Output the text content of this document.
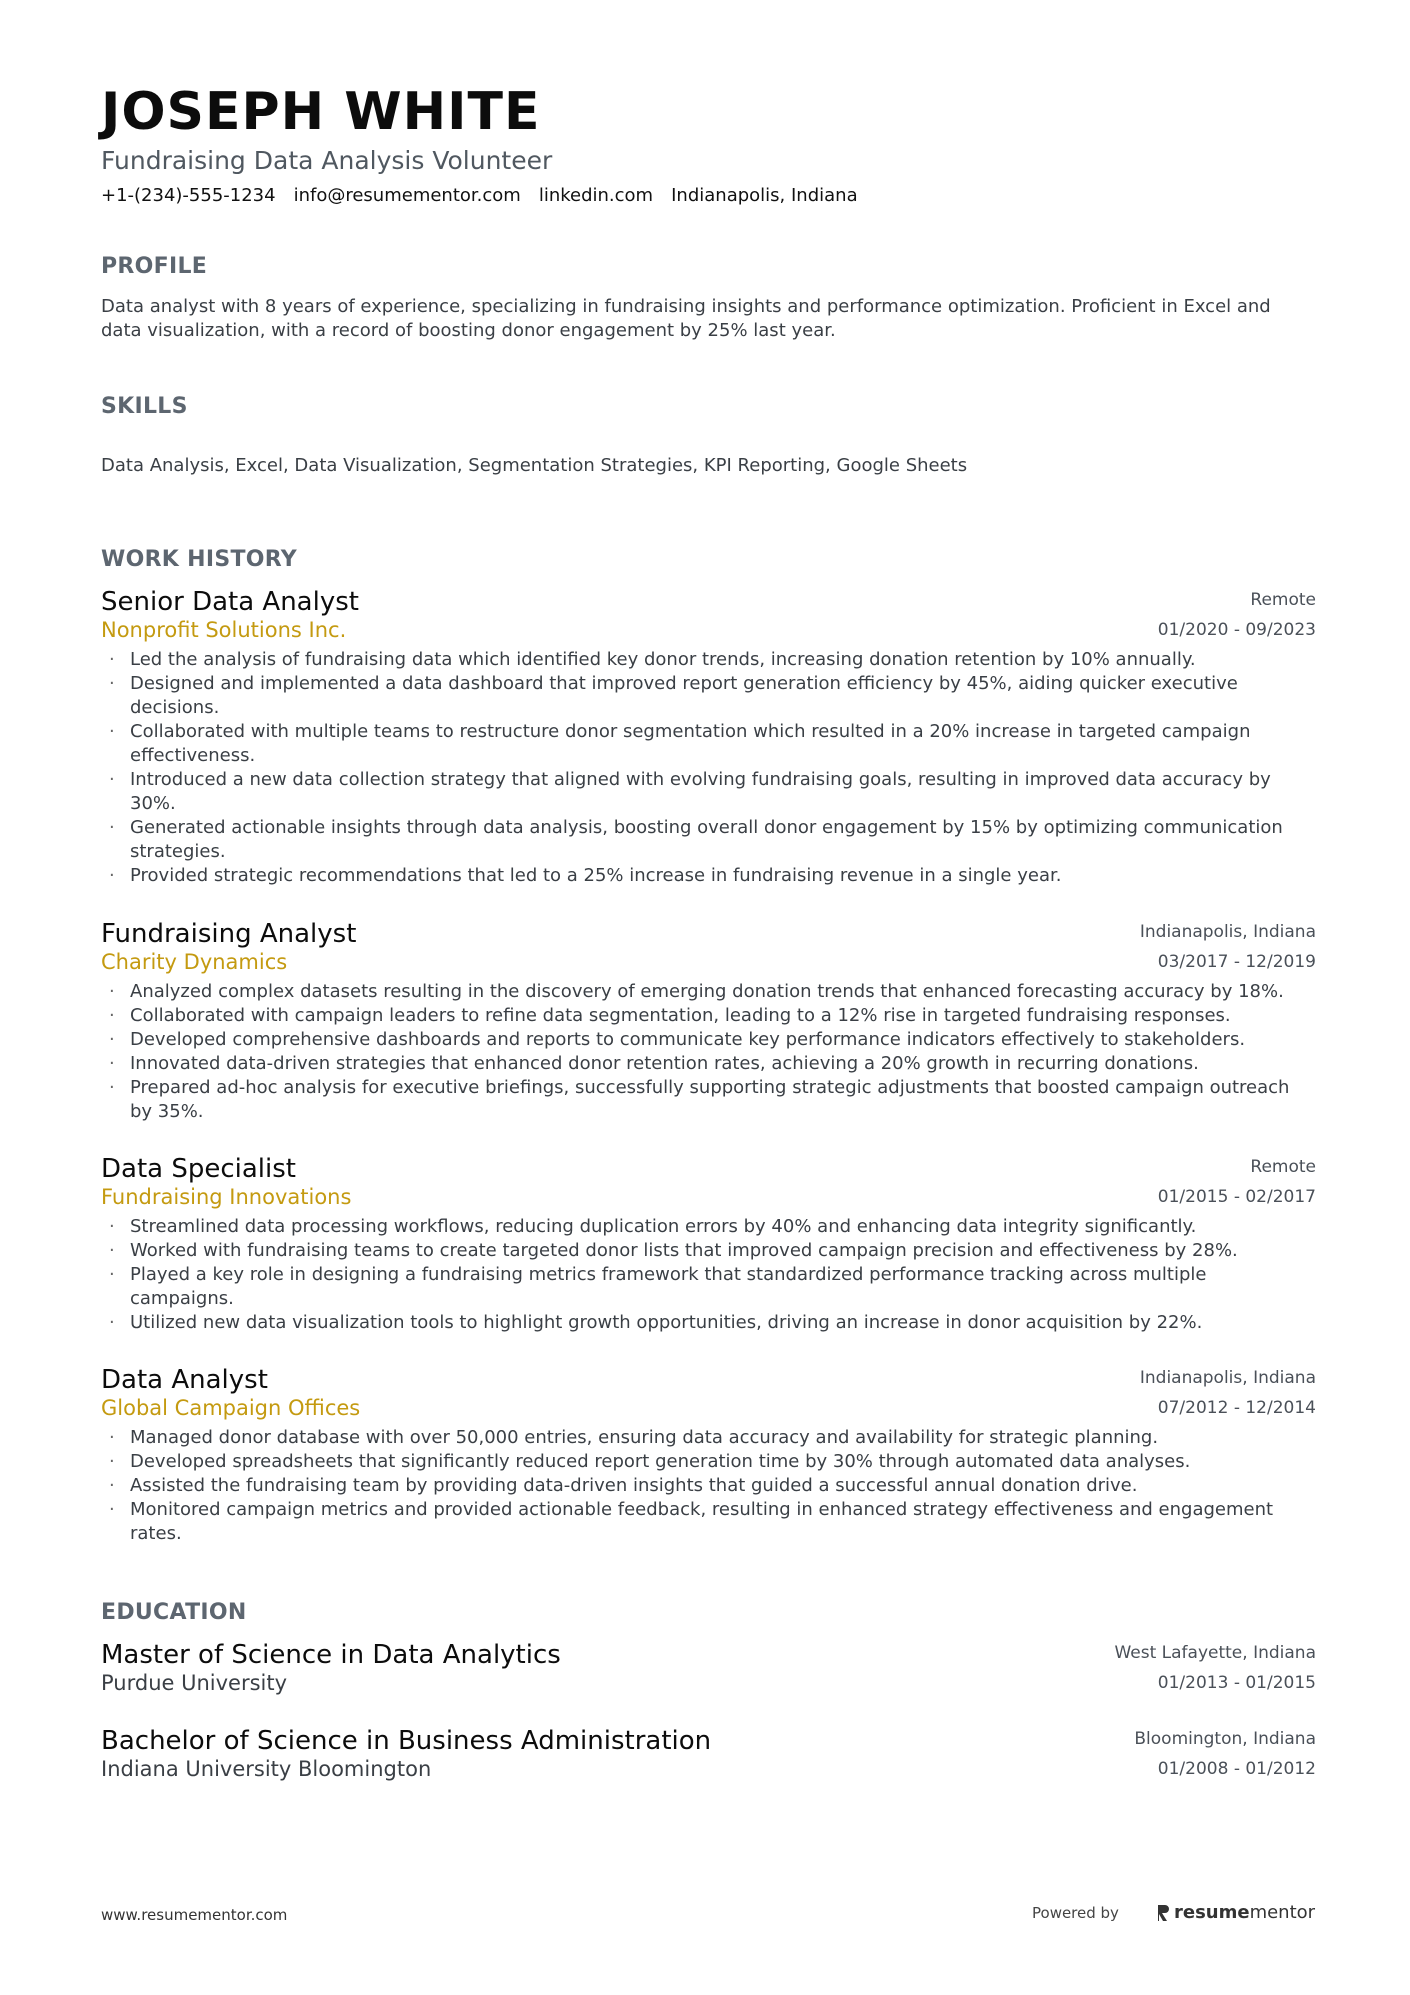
JOSEPH WHITE
Fundraising Data Analysis Volunteer
+1-(234)-555-1234 info@resumementor.com linkedin.com Indianapolis, Indiana
PROFILE

Data analyst with 8 years of experience, specializing in fundraising insights and performance optimization. Proficient in Excel and data visualization, with a record of boosting donor engagement by 25% last year.

SKILLS

Data Analysis, Excel, Data Visualization, Segmentation Strategies, KPI Reporting, Google Sheets

WORK HISTORY
Senior Data Analyst
Nonprofit Solutions Inc.
Remote
01/2020 - 09/2023
· Led the analysis of fundraising data which identified key donor trends, increasing donation retention by 10% annually.
· Designed and implemented a data dashboard that improved report generation efficiency by 45%, aiding quicker executive decisions.
· Collaborated with multiple teams to restructure donor segmentation which resulted in a 20% increase in targeted campaign effectiveness.
· Introduced a new data collection strategy that aligned with evolving fundraising goals, resulting in improved data accuracy by 30%.
· Generated actionable insights through data analysis, boosting overall donor engagement by 15% by optimizing communication strategies.
· Provided strategic recommendations that led to a 25% increase in fundraising revenue in a single year.
Fundraising Analyst
Charity Dynamics
Indianapolis, Indiana
03/2017 - 12/2019
· Analyzed complex datasets resulting in the discovery of emerging donation trends that enhanced forecasting accuracy by 18%.
· Collaborated with campaign leaders to refine data segmentation, leading to a 12% rise in targeted fundraising responses.
· Developed comprehensive dashboards and reports to communicate key performance indicators effectively to stakeholders.
· Innovated data-driven strategies that enhanced donor retention rates, achieving a 20% growth in recurring donations.
· Prepared ad-hoc analysis for executive briefings, successfully supporting strategic adjustments that boosted campaign outreach by 35%.
Data Specialist
Fundraising Innovations
Remote
01/2015 - 02/2017
· Streamlined data processing workflows, reducing duplication errors by 40% and enhancing data integrity significantly.
· Worked with fundraising teams to create targeted donor lists that improved campaign precision and effectiveness by 28%.
· Played a key role in designing a fundraising metrics framework that standardized performance tracking across multiple campaigns.
· Utilized new data visualization tools to highlight growth opportunities, driving an increase in donor acquisition by 22%.
Data Analyst
Global Campaign Offices
Indianapolis, Indiana
07/2012 - 12/2014
· Managed donor database with over 50,000 entries, ensuring data accuracy and availability for strategic planning.
· Developed spreadsheets that significantly reduced report generation time by 30% through automated data analyses.
· Assisted the fundraising team by providing data-driven insights that guided a successful annual donation drive.
· Monitored campaign metrics and provided actionable feedback, resulting in enhanced strategy effectiveness and engagement rates.
EDUCATION
Master of Science in Data Analytics
Purdue University
West Lafayette, Indiana
01/2013 - 01/2015
Bachelor of Science in Business Administration
Indiana University Bloomington
Bloomington, Indiana
01/2008 - 01/2012
www.resumementor.com	Powered by	resumementor
